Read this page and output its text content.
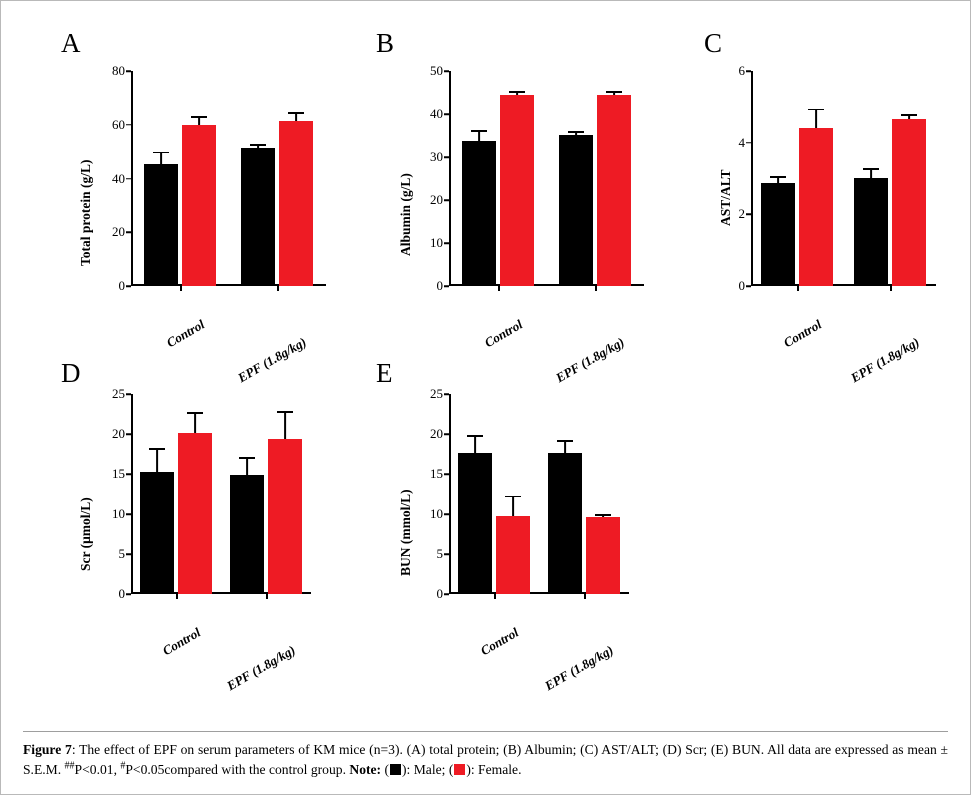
A
Total protein (g/L)
0
20
40
60
80
Control
EPF (1.8g/kg)
B
Albumin (g/L)
0
10
20
30
40
50
Control
EPF (1.8g/kg)
C
AST/ALT
0
2
4
6
Control
EPF (1.8g/kg)
D
Scr (μmol/L)
0
5
10
15
20
25
Control
EPF (1.8g/kg)
E
BUN (mmol/L)
0
5
10
15
20
25
Control
EPF (1.8g/kg)
Figure 7: The effect of EPF on serum parameters of KM mice (n=3). (A) total protein; (B) Albumin; (C) AST/ALT; (D) Scr; (E) BUN. All data are expressed as mean ± S.E.M. ##P<0.01, #P<0.05compared with the control group. Note: ( ): Male; ( ): Female.
